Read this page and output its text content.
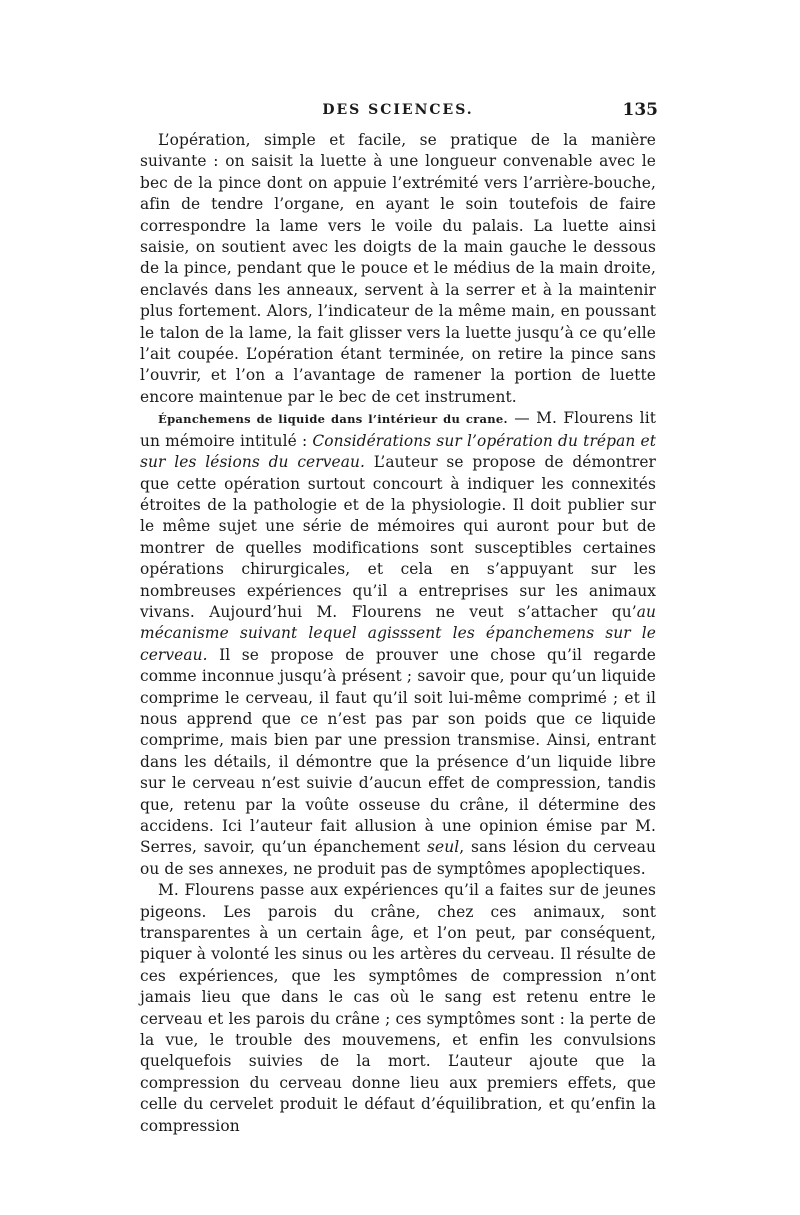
DES SCIENCES.	135

L’opération, simple et facile, se pratique de la manière suivante : on saisit la luette à une longueur convenable avec le bec de la pince dont on appuie l’extrémité vers l’arrière-bouche, afin de tendre l’organe, en ayant le soin toutefois de faire correspondre la lame vers le voile du palais. La luette ainsi saisie, on soutient avec les doigts de la main gauche le dessous de la pince, pendant que le pouce et le médius de la main droite, enclavés dans les anneaux, servent à la serrer et à la maintenir plus fortement. Alors, l’indicateur de la même main, en poussant le talon de la lame, la fait glisser vers la luette jusqu’à ce qu’elle l’ait coupée. L’opération étant terminée, on retire la pince sans l’ouvrir, et l’on a l’avantage de ramener la portion de luette encore maintenue par le bec de cet instrument.

Épanchemens de liquide dans l’intérieur du crane. — M. Flourens lit un mémoire intitulé : Considérations sur l’opération du trépan et sur les lésions du cerveau. L’auteur se propose de démontrer que cette opération surtout concourt à indiquer les connexités étroites de la pathologie et de la physiologie. Il doit publier sur le même sujet une série de mémoires qui auront pour but de montrer de quelles modifications sont susceptibles certaines opérations chirurgicales, et cela en s’appuyant sur les nombreuses expériences qu’il a entreprises sur les animaux vivans. Aujourd’hui M. Flourens ne veut s’attacher qu’au mécanisme suivant lequel agisssent les épanchemens sur le cerveau. Il se propose de prouver une chose qu’il regarde comme inconnue jusqu’à présent ; savoir que, pour qu’un liquide comprime le cerveau, il faut qu’il soit lui-même comprimé ; et il nous apprend que ce n’est pas par son poids que ce liquide comprime, mais bien par une pression transmise. Ainsi, entrant dans les détails, il démontre que la présence d’un liquide libre sur le cerveau n’est suivie d’aucun effet de compression, tandis que, retenu par la voûte osseuse du crâne, il détermine des accidens. Ici l’auteur fait allusion à une opinion émise par M. Serres, savoir, qu’un épanchement seul, sans lésion du cerveau ou de ses annexes, ne produit pas de symptômes apoplectiques.

M. Flourens passe aux expériences qu’il a faites sur de jeunes pigeons. Les parois du crâne, chez ces animaux, sont transparentes à un certain âge, et l’on peut, par conséquent, piquer à volonté les sinus ou les artères du cerveau. Il résulte de ces expériences, que les symptômes de compression n’ont jamais lieu que dans le cas où le sang est retenu entre le cerveau et les parois du crâne ; ces symptômes sont : la perte de la vue, le trouble des mouvemens, et enfin les convulsions quelquefois suivies de la mort. L’auteur ajoute que la compression du cerveau donne lieu aux premiers effets, que celle du cervelet produit le défaut d’équilibration, et qu’enfin la compression
